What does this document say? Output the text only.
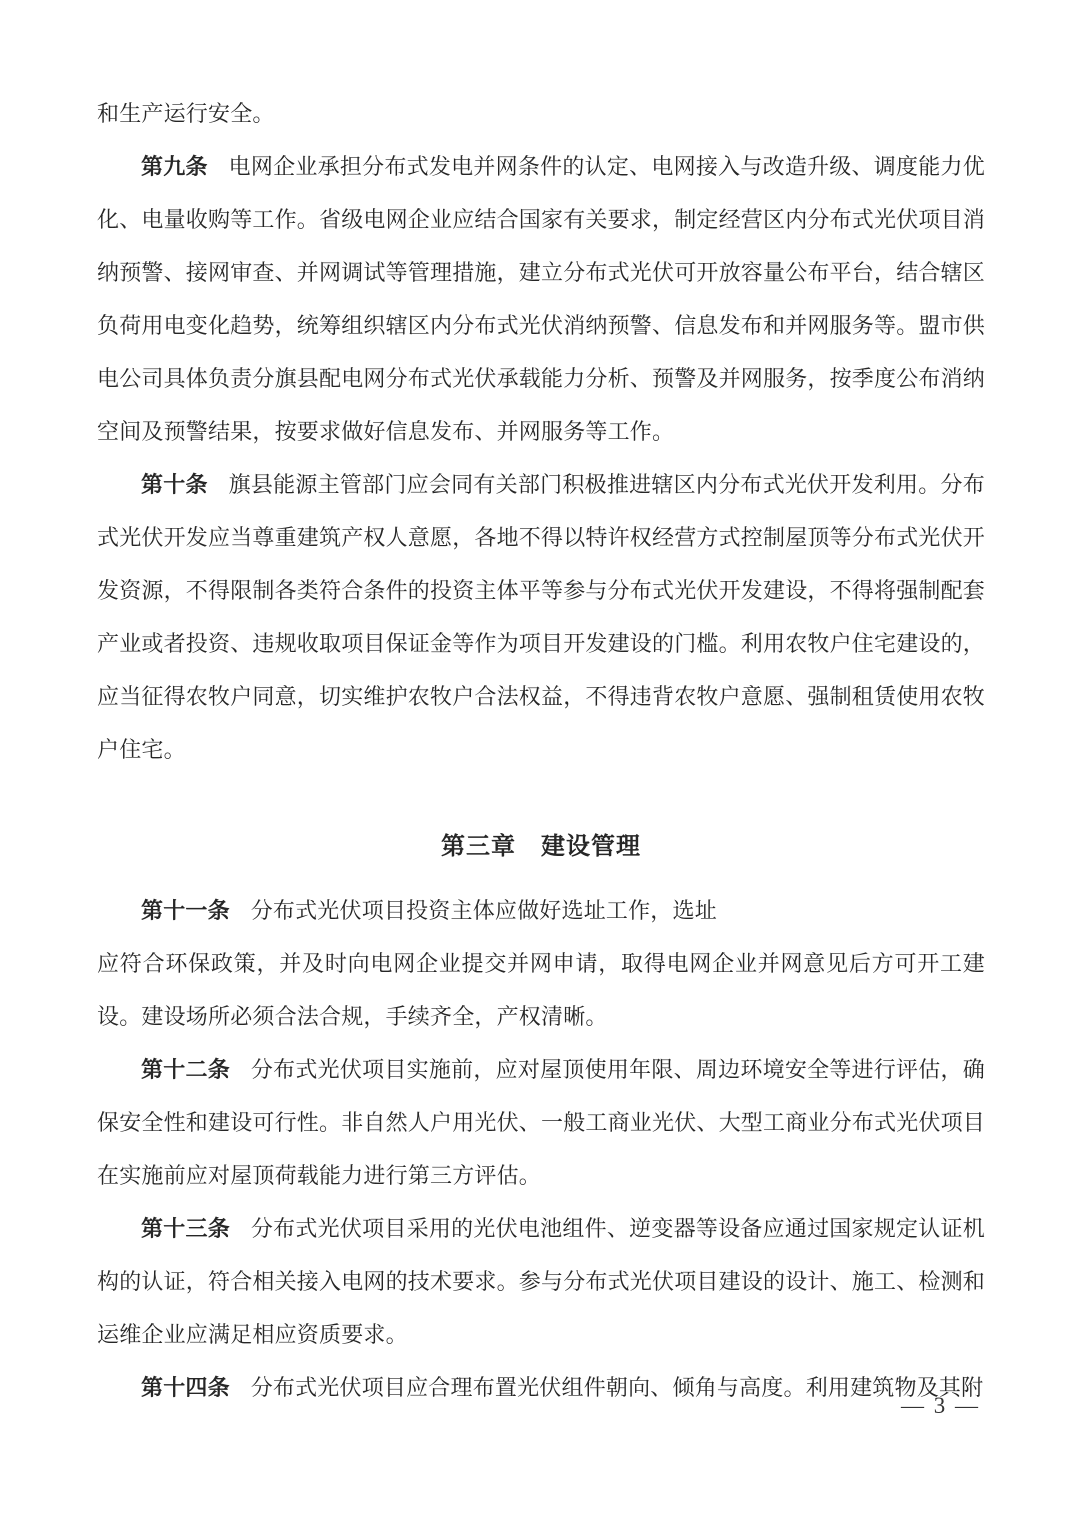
和生产运行安全。

第九条 电网企业承担分布式发电并网条件的认定、电网接入与改造升级、调度能力优化、电量收购等工作。省级电网企业应结合国家有关要求，制定经营区内分布式光伏项目消纳预警、接网审查、并网调试等管理措施，建立分布式光伏可开放容量公布平台，结合辖区负荷用电变化趋势，统筹组织辖区内分布式光伏消纳预警、信息发布和并网服务等。盟市供电公司具体负责分旗县配电网分布式光伏承载能力分析、预警及并网服务，按季度公布消纳空间及预警结果，按要求做好信息发布、并网服务等工作。

第十条 旗县能源主管部门应会同有关部门积极推进辖区内分布式光伏开发利用。分布式光伏开发应当尊重建筑产权人意愿，各地不得以特许权经营方式控制屋顶等分布式光伏开发资源，不得限制各类符合条件的投资主体平等参与分布式光伏开发建设，不得将强制配套产业或者投资、违规收取项目保证金等作为项目开发建设的门槛。利用农牧户住宅建设的，应当征得农牧户同意，切实维护农牧户合法权益，不得违背农牧户意愿、强制租赁使用农牧户住宅。

第三章　建设管理

第十一条 分布式光伏项目投资主体应做好选址工作，选址

应符合环保政策，并及时向电网企业提交并网申请，取得电网企业并网意见后方可开工建设。建设场所必须合法合规，手续齐全，产权清晰。

第十二条 分布式光伏项目实施前，应对屋顶使用年限、周边环境安全等进行评估，确保安全性和建设可行性。非自然人户用光伏、一般工商业光伏、大型工商业分布式光伏项目在实施前应对屋顶荷载能力进行第三方评估。

第十三条 分布式光伏项目采用的光伏电池组件、逆变器等设备应通过国家规定认证机构的认证，符合相关接入电网的技术要求。参与分布式光伏项目建设的设计、施工、检测和运维企业应满足相应资质要求。

第十四条 分布式光伏项目应合理布置光伏组件朝向、倾角与高度。利用建筑物及其附

— 3 —
